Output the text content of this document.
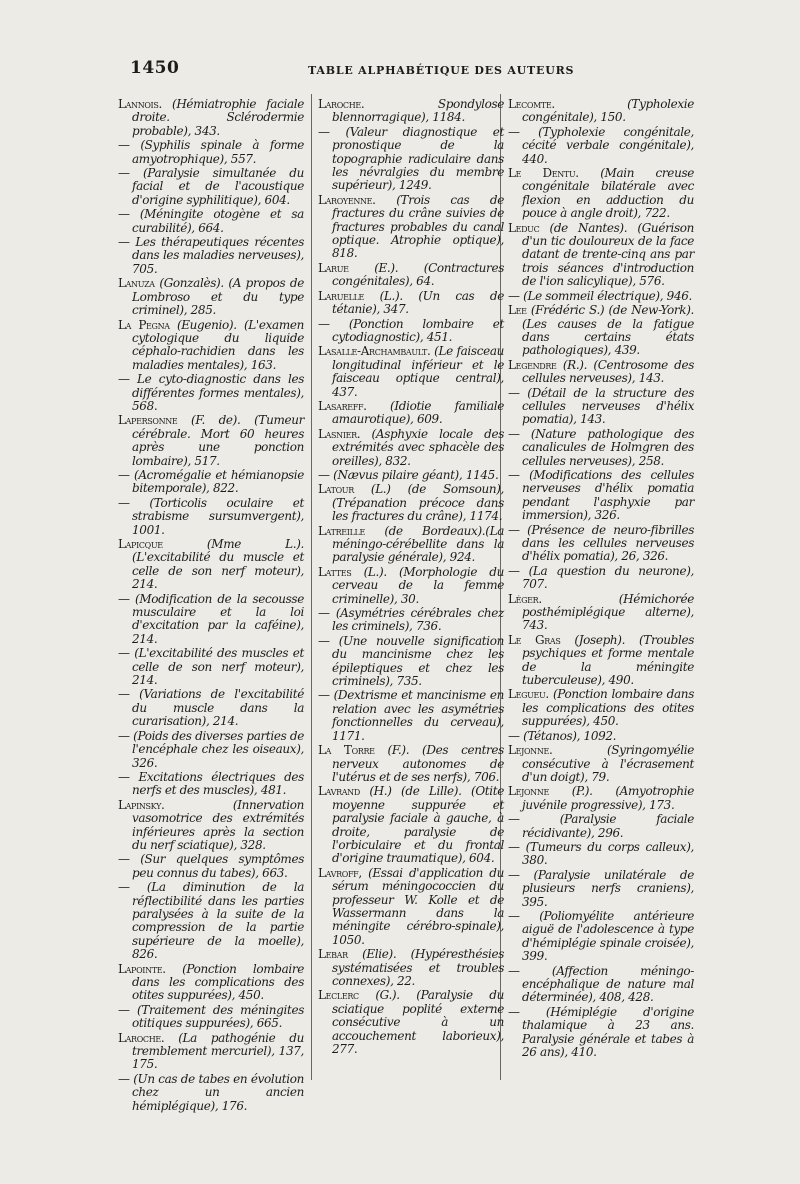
1450	TABLE ALPHABÉTIQUE DES AUTEURS

Lannois. (Hémiatrophie faciale droite. Sclérodermie probable), 343.

— (Syphilis spinale à forme amyotrophique), 557.

— (Paralysie simultanée du facial et de l'acoustique d'origine syphilitique), 604.

— (Méningite otogène et sa curabilité), 664.

— Les thérapeutiques récentes dans les maladies nerveuses), 705.

Lanuza (Gonzalès). (A propos de Lombroso et du type criminel), 285.

La Pegna (Eugenio). (L'examen cytologique du liquide céphalo-rachidien dans les maladies mentales), 163.

— Le cyto-diagnostic dans les différentes formes mentales), 568.

Lapersonne (F. de). (Tumeur cérébrale. Mort 60 heures après une ponction lombaire), 517.

— (Acromégalie et hémianopsie bitemporale), 822.

— (Torticolis oculaire et strabisme sursumvergent), 1001.

Lapicque	(Mme L.). (L'excitabilité du muscle et celle de son nerf moteur), 214.

— (Modification de la secousse musculaire et la loi d'excitation par la caféine), 214.

— (L'excitabilité des muscles et celle de son nerf moteur), 214.

— (Variations de l'excitabilité du muscle dans la curarisation), 214.

— (Poids des diverses parties de l'encéphale chez les oiseaux), 326.

— Excitations électriques des nerfs et des muscles), 481.

Lapinsky.	(Innervation vasomotrice des extrémités inférieures après la section du nerf sciatique), 328.

— (Sur quelques symptômes peu connus du tabes), 663.

— (La diminution de la réflectibilité dans les parties paralysées à la suite de la compression de la partie supérieure de la moelle), 826.

Lapointe. (Ponction lombaire dans les complications des otites suppurées), 450.

— (Traitement des méningites otitiques suppurées), 665.

Laroche. (La pathogénie du tremblement mercuriel), 137, 175.

— (Un cas de tabes en évolution chez un ancien hémiplégique), 176.

Laroche.	Spondylose blennorragique), 1184.

— (Valeur diagnostique et pronostique de la topographie radiculaire dans les névralgies du membre supérieur), 1249.

Laroyenne. (Trois cas de fractures du crâne suivies de fractures probables du canal optique. Atrophie optique), 818.

Larue (E.). (Contractures congénitales), 64.

Laruelle (L.). (Un cas de tétanie), 347.

— (Ponction lombaire et cytodiagnostic), 451.

Lasalle-Archambault. (Le faisceau longitudinal inférieur et le faisceau optique central), 437.

Lasareff. (Idiotie familiale amaurotique), 609.

Lasnier. (Asphyxie locale des extrémités avec sphacèle des oreilles), 832.

— (Nævus pilaire géant), 1145.

Latour (L.) (de Somsoun), (Trépanation précoce dans les fractures du crâne), 1174.

Latreille (de Bordeaux).(La méningo-cérébellite dans la paralysie générale), 924.

Lattes (L.). (Morphologie du cerveau de la femme criminelle), 30.

— (Asymétries cérébrales chez les criminels), 736.

— (Une nouvelle signification du mancinisme chez les épileptiques et chez les criminels), 735.

— (Dextrisme et mancinisme en relation avec les asymétries fonctionnelles du cerveau), 1171.

La Torre (F.). (Des centres nerveux autonomes de l'utérus et de ses nerfs), 706.

Lavrand (H.) (de Lille). (Otite moyenne suppurée et paralysie faciale à gauche, à droite, paralysie de l'orbiculaire et du frontal d'origine traumatique), 604.

Lavroff, (Essai d'application du sérum méningococcien du professeur W. Kolle et de Wassermann dans la méningite cérébro-spinale), 1050.

Lebar (Elie). (Hypéresthésies systématisées et troubles connexes), 22.

Leclerc (G.). (Paralysie du sciatique poplité externe consécutive à un accouchement laborieux), 277.

Lecomte.	(Typholexie congénitale), 150.

— (Typholexie congénitale, cécité verbale congénitale), 440.

Le Dentu. (Main creuse congénitale bilatérale avec flexion en adduction du pouce à angle droit), 722.

Leduc (de Nantes). (Guérison d'un tic douloureux de la face datant de trente-cinq ans par trois séances d'introduction de l'ion salicylique), 576.

— (Le sommeil électrique), 946.

Lee (Frédéric S.) (de New-York). (Les causes de la fatigue dans certains états pathologiques), 439.

Legendre (R.). (Centrosome des cellules nerveuses), 143.

— (Détail de la structure des cellules nerveuses d'hélix pomatia), 143.

— (Nature pathologique des canalicules de Holmgren des cellules nerveuses), 258.

— (Modifications des cellules nerveuses d'hélix pomatia pendant l'asphyxie par immersion), 326.

— (Présence de neuro-fibrilles dans les cellules nerveuses d'hélix pomatia), 26, 326.

— (La question du neurone), 707.

Léger.	(Hémichorée posthémiplégique alterne), 743.

Le Gras (Joseph). (Troubles psychiques et forme mentale de la méningite tuberculeuse), 490.

Legueu. (Ponction lombaire dans les complications des otites suppurées), 450.

— (Tétanos), 1092.

Lejonne.	(Syringomyélie consécutive à l'écrasement d'un doigt), 79.

Lejonne (P.). (Amyotrophie juvénile progressive), 173.

—	(Paralysie faciale récidivante), 296.

— (Tumeurs du corps calleux), 380.

— (Paralysie unilatérale de plusieurs nerfs craniens), 395.

— (Poliomyélite antérieure aiguë de l'adolescence à type d'hémiplégie spinale croisée), 399.

—	(Affection méningo-encéphalique de nature mal déterminée), 408, 428.

— (Hémiplégie d'origine thalamique à 23 ans. Paralysie générale et tabes à 26 ans), 410.
